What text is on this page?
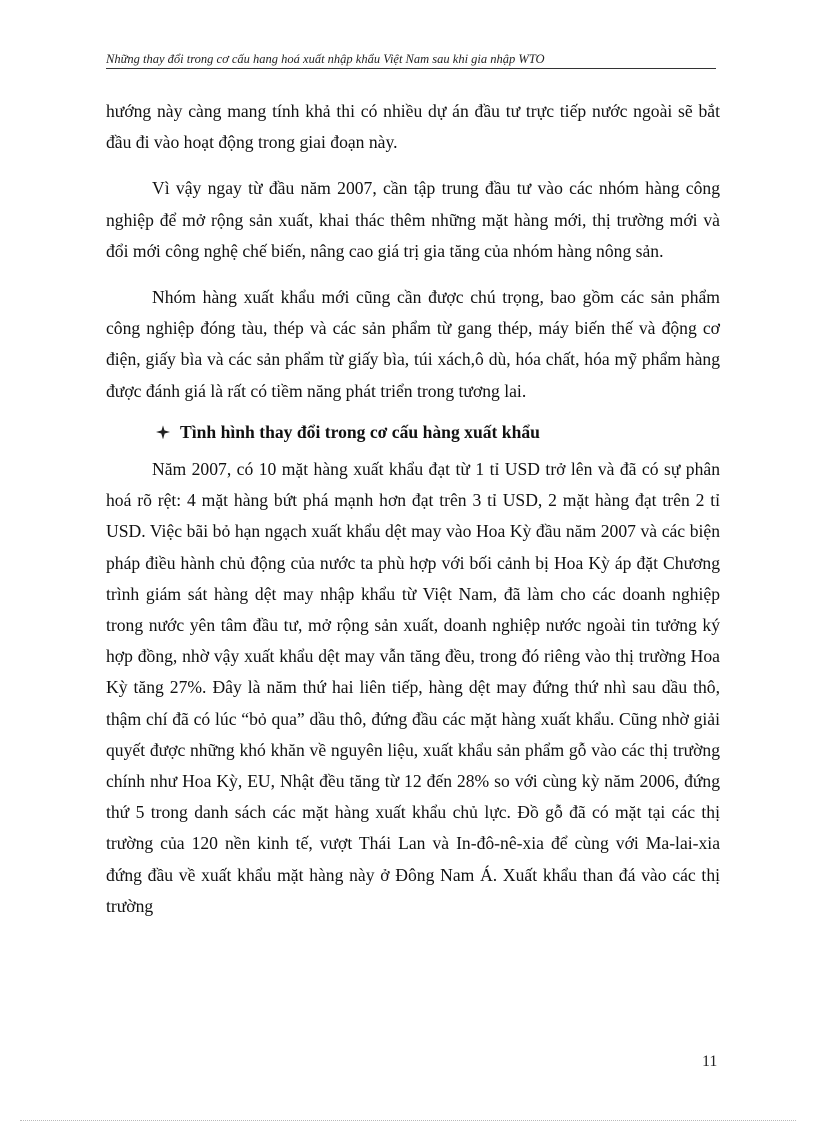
Những thay đổi trong cơ cấu hang hoá xuất nhập khẩu Việt Nam sau khi gia nhập WTO

hướng này càng mang tính khả thi có nhiều dự án đầu tư trực tiếp nước ngoài sẽ bắt đầu đi vào hoạt động trong giai đoạn này.

Vì vậy ngay từ đầu năm 2007, cần tập trung đầu tư vào các nhóm hàng công nghiệp để mở rộng sản xuất, khai thác thêm những mặt hàng mới, thị trường mới và đổi mới công nghệ chế biến, nâng cao giá trị gia tăng của nhóm hàng nông sản.

Nhóm hàng xuất khẩu mới cũng cần được chú trọng, bao gồm các sản phẩm công nghiệp đóng tàu, thép và các sản phẩm từ gang thép, máy biến thế và động cơ điện, giấy bìa và các sản phẩm từ giấy bìa, túi xách,ô dù, hóa chất, hóa mỹ phẩm hàng được đánh giá là rất có tiềm năng phát triển trong tương lai.

Tình hình thay đổi trong cơ cấu hàng xuất khẩu

Năm 2007, có 10 mặt hàng xuất khẩu đạt từ 1 tỉ USD trở lên và đã có sự phân hoá rõ rệt: 4 mặt hàng bứt phá mạnh hơn đạt trên 3 tỉ USD, 2 mặt hàng đạt trên 2 tỉ USD. Việc bãi bỏ hạn ngạch xuất khẩu dệt may vào Hoa Kỳ đầu năm 2007 và các biện pháp điều hành chủ động của nước ta phù hợp với bối cảnh bị Hoa Kỳ áp đặt Chương trình giám sát hàng dệt may nhập khẩu từ Việt Nam, đã làm cho các doanh nghiệp trong nước yên tâm đầu tư, mở rộng sản xuất, doanh nghiệp nước ngoài tin tưởng ký hợp đồng, nhờ vậy xuất khẩu dệt may vẫn tăng đều, trong đó riêng vào thị trường Hoa Kỳ tăng 27%. Đây là năm thứ hai liên tiếp, hàng dệt may đứng thứ nhì sau dầu thô, thậm chí đã có lúc “bỏ qua” dầu thô, đứng đầu các mặt hàng xuất khẩu. Cũng nhờ giải quyết được những khó khăn về nguyên liệu, xuất khẩu sản phẩm gỗ vào các thị trường chính như Hoa Kỳ, EU, Nhật đều tăng từ 12 đến 28% so với cùng kỳ năm 2006, đứng thứ 5 trong danh sách các mặt hàng xuất khẩu chủ lực. Đồ gỗ đã có mặt tại các thị trường của 120 nền kinh tế, vượt Thái Lan và In-đô-nê-xia để cùng với Ma-lai-xia đứng đầu về xuất khẩu mặt hàng này ở Đông Nam Á. Xuất khẩu than đá vào các thị trường

11
